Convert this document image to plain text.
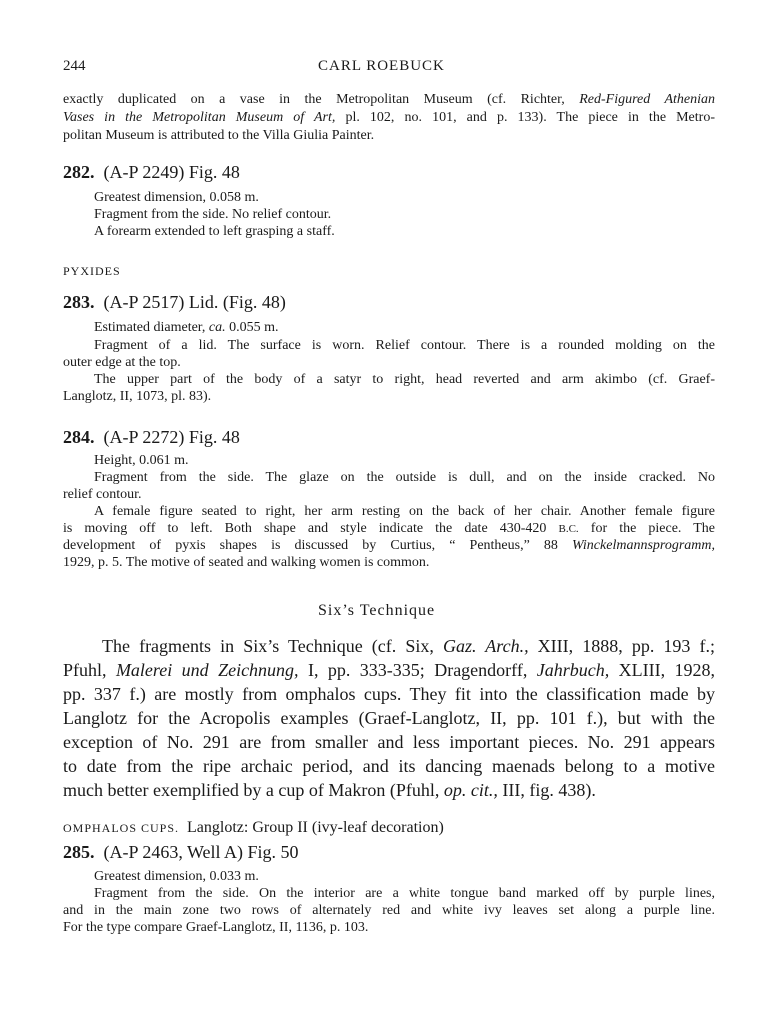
244	CARL ROEBUCK
exactly duplicated on a vase in the Metropolitan Museum (cf. Richter, Red-Figured Athenian
Vases in the Metropolitan Museum of Art, pl. 102, no. 101, and p. 133). The piece in the Metro-
politan Museum is attributed to the Villa Giulia Painter.
282. (A-P 2249) Fig. 48
Greatest dimension, 0.058 m.
Fragment from the side. No relief contour.
A forearm extended to left grasping a staff.
PYXIDES
283. (A-P 2517) Lid. (Fig. 48)
Estimated diameter, ca. 0.055 m.
Fragment of a lid. The surface is worn. Relief contour. There is a rounded molding on the
outer edge at the top.
The upper part of the body of a satyr to right, head reverted and arm akimbo (cf. Graef-
Langlotz, II, 1073, pl. 83).
284. (A-P 2272) Fig. 48
Height, 0.061 m.
Fragment from the side. The glaze on the outside is dull, and on the inside cracked. No
relief contour.
A female figure seated to right, her arm resting on the back of her chair. Another female figure
is moving off to left. Both shape and style indicate the date 430-420 B.C. for the piece. The
development of pyxis shapes is discussed by Curtius, “ Pentheus,” 88 Winckelmannsprogramm,
1929, p. 5. The motive of seated and walking women is common.
Six’s Technique
The fragments in Six’s Technique (cf. Six, Gaz. Arch., XIII, 1888, pp. 193 f.;
Pfuhl, Malerei und Zeichnung, I, pp. 333-335; Dragendorff, Jahrbuch, XLIII, 1928,
pp. 337 f.) are mostly from omphalos cups. They fit into the classification made by
Langlotz for the Acropolis examples (Graef-Langlotz, II, pp. 101 f.), but with the
exception of No. 291 are from smaller and less important pieces. No. 291 appears
to date from the ripe archaic period, and its dancing maenads belong to a motive
much better exemplified by a cup of Makron (Pfuhl, op. cit., III, fig. 438).
OMPHALOS CUPS. Langlotz: Group II (ivy-leaf decoration)
285. (A-P 2463, Well A) Fig. 50
Greatest dimension, 0.033 m.
Fragment from the side. On the interior are a white tongue band marked off by purple lines,
and in the main zone two rows of alternately red and white ivy leaves set along a purple line.
For the type compare Graef-Langlotz, II, 1136, p. 103.
